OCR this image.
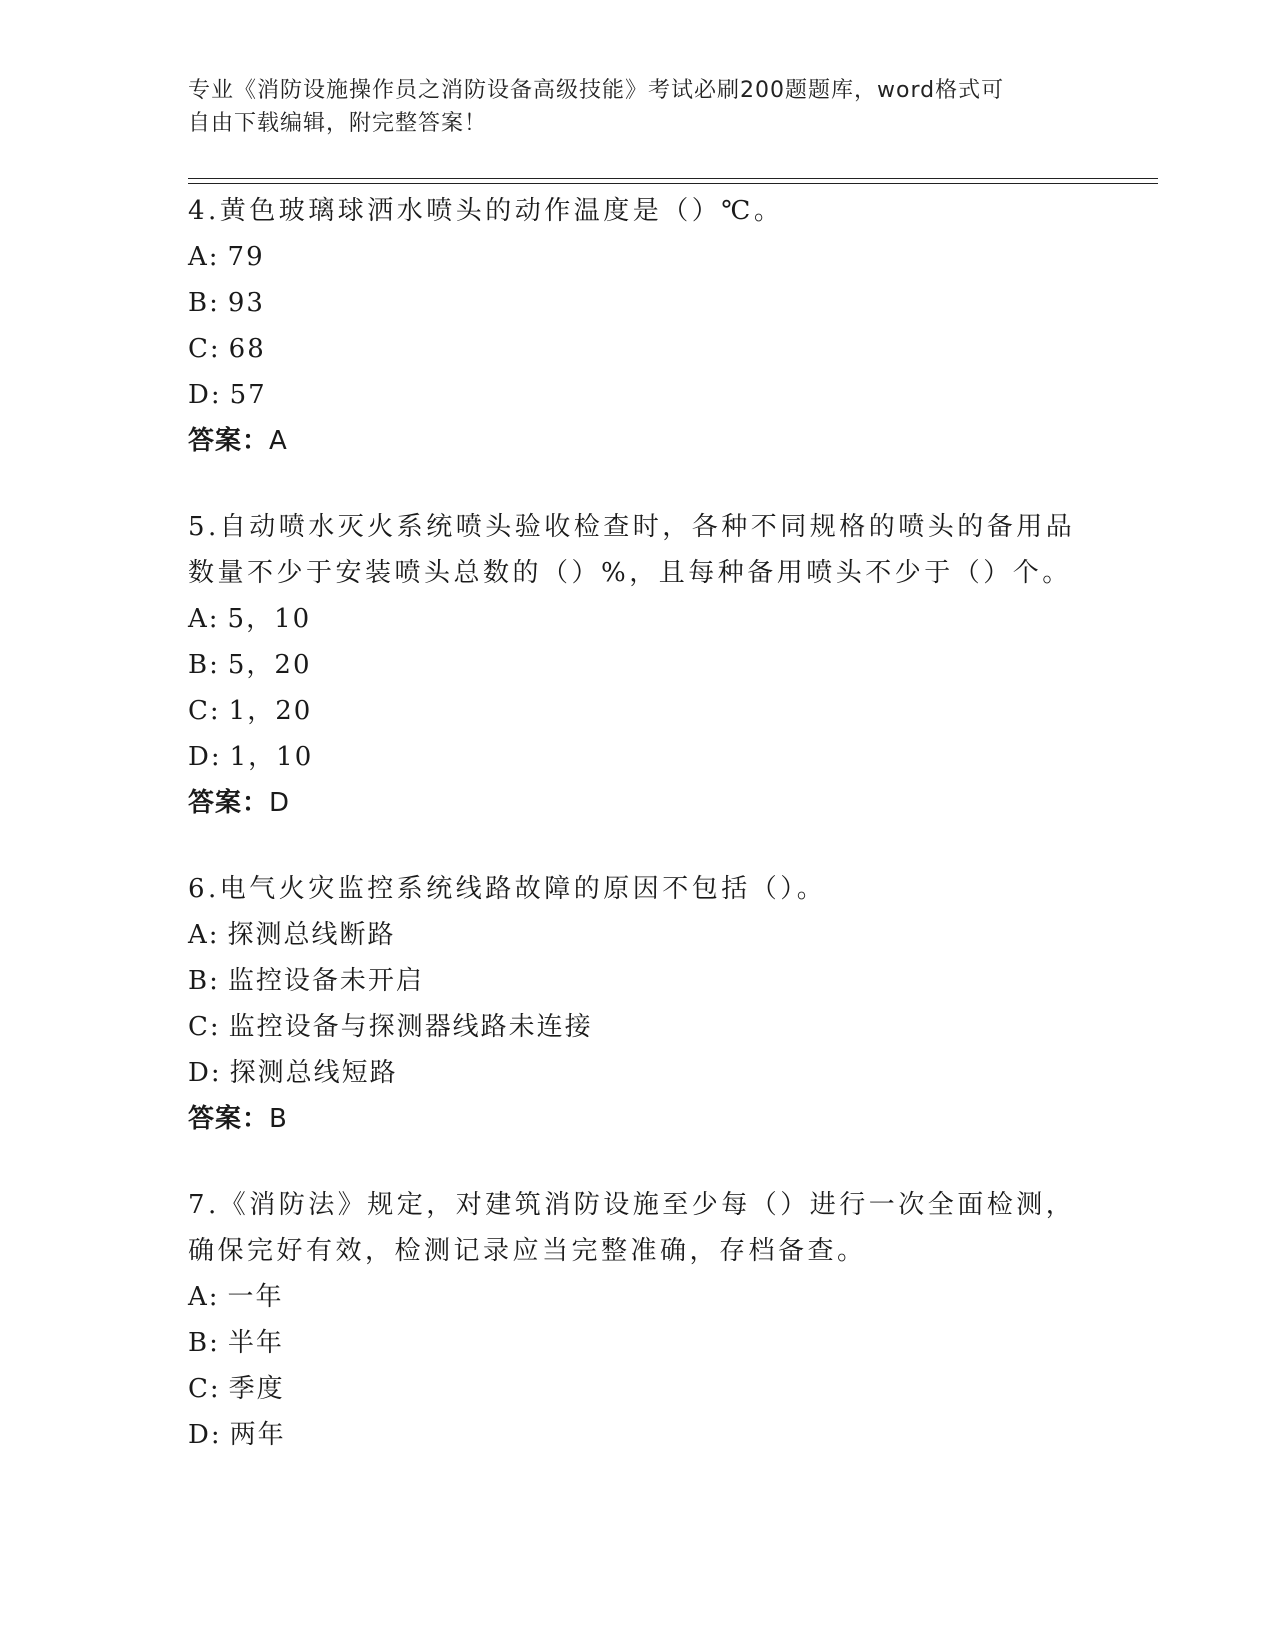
专业《消防设施操作员之消防设备高级技能》考试必刷200题题库，word格式可
自由下载编辑，附完整答案！

4.黄色玻璃球洒水喷头的动作温度是（）℃。

A: 79

B: 93

C: 68

D: 57

答案：A

5.自动喷水灭火系统喷头验收检查时，各种不同规格的喷头的备用品数量不少于安装喷头总数的（）%，且每种备用喷头不少于（）个。

A: 5，10

B: 5，20

C: 1，20

D: 1，10

答案：D

6.电气火灾监控系统线路故障的原因不包括（）。

A: 探测总线断路

B: 监控设备未开启

C: 监控设备与探测器线路未连接

D: 探测总线短路

答案：B

7.《消防法》规定，对建筑消防设施至少每（）进行一次全面检测，确保完好有效，检测记录应当完整准确，存档备查。

A: 一年

B: 半年

C: 季度

D: 两年
